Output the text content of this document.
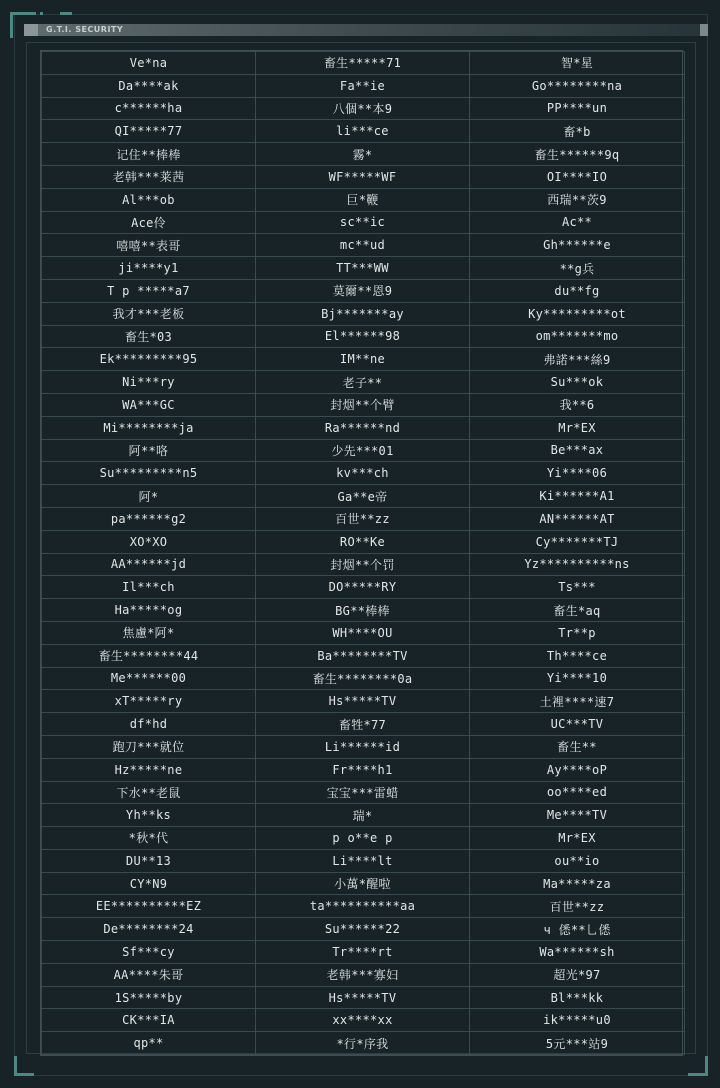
G.T.I. SECURITY
Ve*na	畜生*****71	智*星
Da****ak	Fa**ie	Go********na
c******ha	八個**本9	PP****un
QI*****77	li***ce	畜*b
记住**棒棒	霧*	畜生******9q
老韩***莱茜	WF*****WF	OI****IO
Al***ob	巨*鞭	西瑞**茨9
Ace伶	sc**ic	Ac**
嘻嘻**表哥	mc**ud	Gh******e
ji****y1	TT***WW	**g兵
T p *****a7	莫爾**恩9	du**fg
我才***老板	Bj*******ay	Ky*********ot
畜生*03	El******98	om*******mo
Ek*********95	IM**ne	弗諾***絲9
Ni***ry	老子**	Su***ok
WA***GC	封烟**个臂	我**6
Mi********ja	Ra******nd	Mr*EX
阿**咯	少先***01	Be***ax
Su*********n5	kv***ch	Yi****06
阿*	Ga**e帝	Ki******A1
pa******g2	百世**zz	AN******AT
XO*XO	RO**Ke	Cy*******TJ
AA******jd	封烟**个罚	Yz**********ns
Il***ch	DO*****RY	Ts***
Ha*****og	BG**棒棒	畜生*aq
焦慮*阿*	WH****OU	Tr**p
畜生********44	Ba********TV	Th****ce
Me******00	畜生********0a	Yi****10
xT*****ry	Hs*****TV	土裡****速7
df*hd	畜牲*77	UC***TV
跑刀***就位	Li******id	畜生**
Hz*****ne	Fr****h1	Ay****oP
下水**老鼠	宝宝***雷蜡	oo****ed
Yh**ks	瑞*	Me****TV
*秋*代	p o**e p	Mr*EX
DU**13	Li****lt	ou**io
CY*N9	小萬*醒啦	Ma*****za
EE**********EZ	ta**********aa	百世**zz
De********24	Su******22	ч 僁**乚僁
Sf***cy	Tr****rt	Wa******sh
AA****朱哥	老韩***寡妇	超光*97
1S*****by	Hs*****TV	Bl***kk
CK***IA	xx****xx	ik*****u0
qp**	*行*序我	5元***站9
